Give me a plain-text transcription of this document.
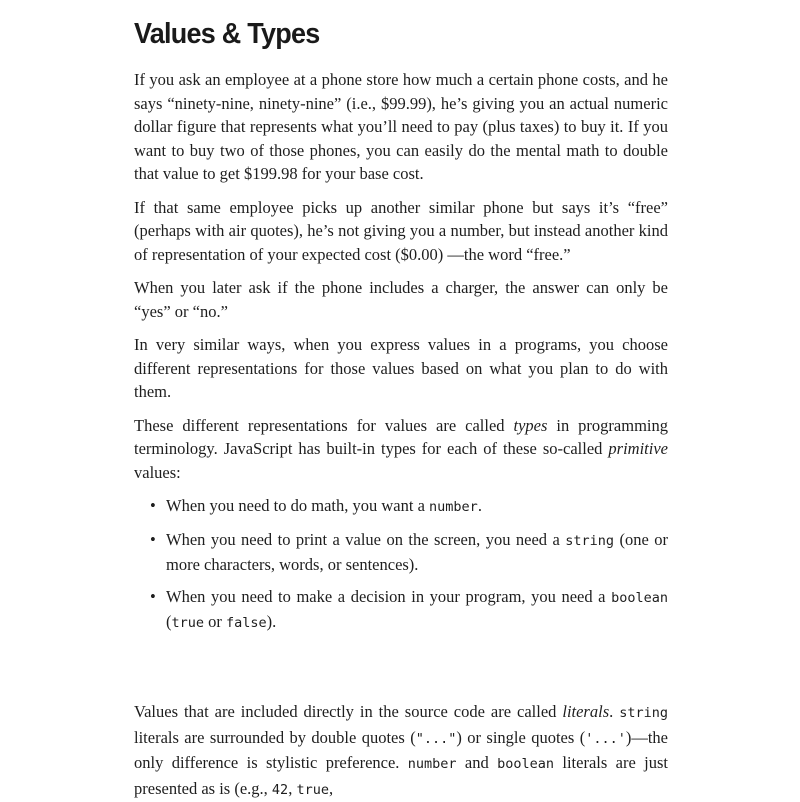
Values & Types

If you ask an employee at a phone store how much a certain phone costs, and he says “ninety-nine, ninety-nine” (i.e., $99.99), he’s giving you an actual numeric dollar figure that represents what you’ll need to pay (plus taxes) to buy it. If you want to buy two of those phones, you can easily do the mental math to double that value to get $199.98 for your base cost.

If that same employee picks up another similar phone but says it’s “free” (perhaps with air quotes), he’s not giving you a number, but instead another kind of representation of your expected cost ($0.00) —the word “free.”

When you later ask if the phone includes a charger, the answer can only be “yes” or “no.”

In very similar ways, when you express values in a programs, you choose different representations for those values based on what you plan to do with them.

These different representations for values are called types in programming terminology. JavaScript has built-in types for each of these so-called primitive values:

• When you need to do math, you want a number.
• When you need to print a value on the screen, you need a string (one or more characters, words, or sentences).
• When you need to make a decision in your program, you need a boolean (true or false).

Values that are included directly in the source code are called literals. string literals are surrounded by double quotes ("...") or single quotes ('...')—the only difference is stylistic preference. number and boolean literals are just presented as is (e.g., 42, true,
